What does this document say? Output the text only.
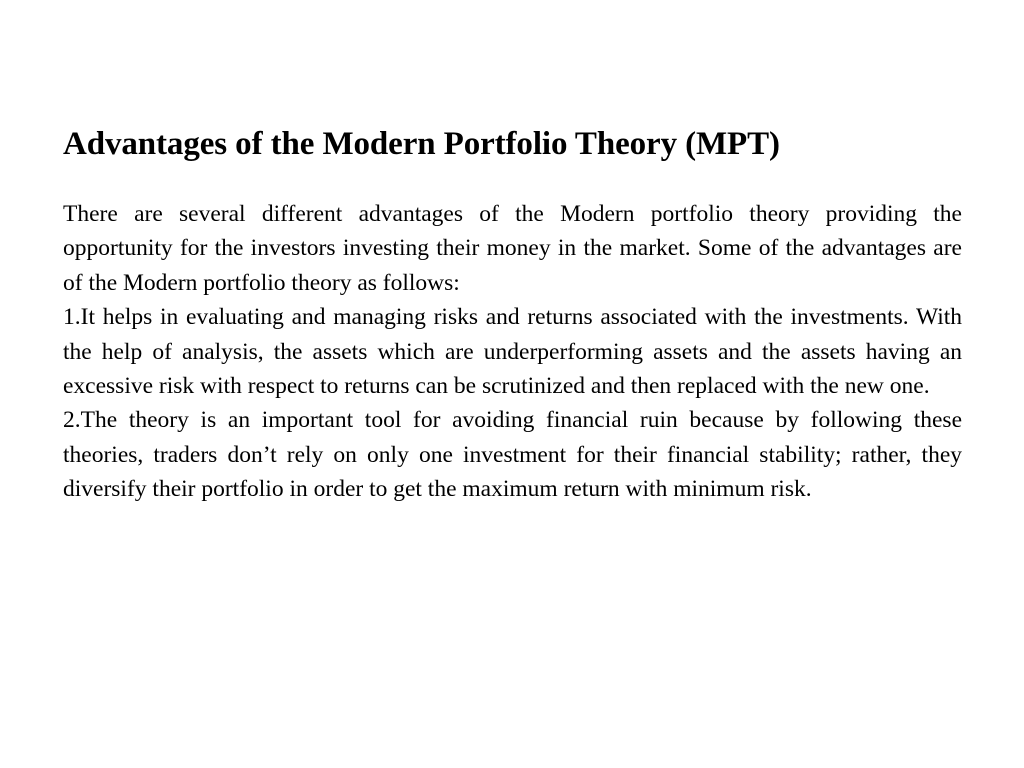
Advantages of the Modern Portfolio Theory (MPT)

There are several different advantages of the Modern portfolio theory providing the opportunity for the investors investing their money in the market. Some of the advantages are of the Modern portfolio theory as follows:

1.It helps in evaluating and managing risks and returns associated with the investments. With the help of analysis, the assets which are underperforming assets and the assets having an excessive risk with respect to returns can be scrutinized and then replaced with the new one.

2.The theory is an important tool for avoiding financial ruin because by following these theories, traders don’t rely on only one investment for their financial stability; rather, they diversify their portfolio in order to get the maximum return with minimum risk.
